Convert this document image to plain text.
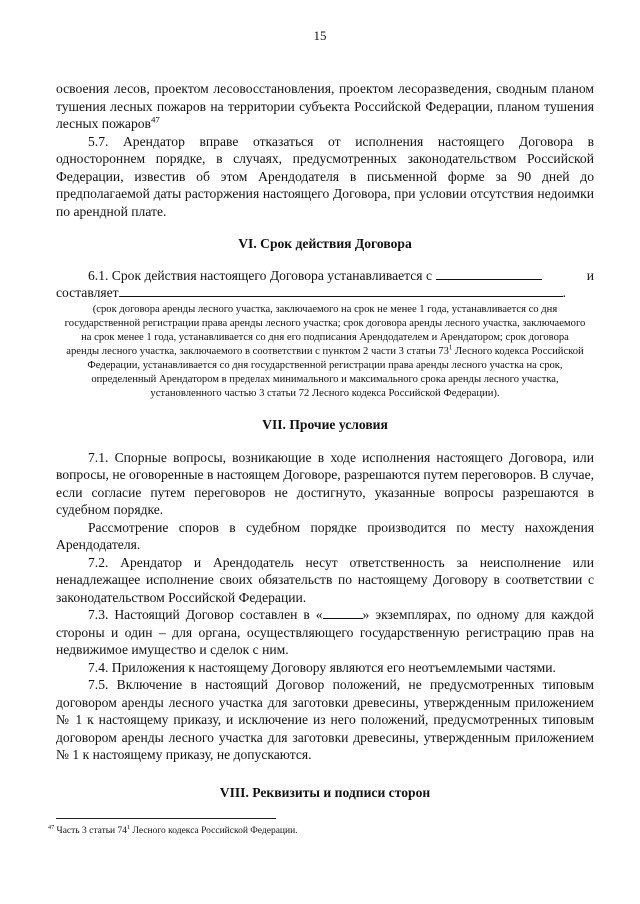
15

освоения лесов, проектом лесовосстановления, проектом лесоразведения, сводным планом тушения лесных пожаров на территории субъекта Российской Федерации, планом тушения лесных пожаров$^{47}$

5.7. Арендатор вправе отказаться от исполнения настоящего Договора в одностороннем порядке, в случаях, предусмотренных законодательством Российской Федерации, известив об этом Арендодателя в письменной форме за 90 дней до предполагаемой даты расторжения настоящего Договора, при условии отсутствия недоимки по арендной плате.

VI. Срок действия Договора
6.1. Срок действия настоящего Договора устанавливается с	и
составляет	.
(срок договора аренды лесного участка, заключаемого на срок не менее 1 года, устанавливается со дня государственной регистрации права аренды лесного участка; срок договора аренды лесного участка, заключаемого на срок менее 1 года, устанавливается со дня его подписания Арендодателем и Арендатором; срок договора аренды лесного участка, заключаемого в соответствии с пунктом 2 части 3 статьи $73^1$ Лесного кодекса Российской Федерации, устанавливается со дня государственной регистрации права аренды лесного участка на срок, определенный Арендатором в пределах минимального и максимального срока аренды лесного участка, установленного частью 3 статьи 72 Лесного кодекса Российской Федерации).
VII. Прочие условия

7.1. Спорные вопросы, возникающие в ходе исполнения настоящего Договора, или вопросы, не оговоренные в настоящем Договоре, разрешаются путем переговоров. В случае, если согласие путем переговоров не достигнуто, указанные вопросы разрешаются в судебном порядке.

Рассмотрение споров в судебном порядке производится по месту нахождения Арендодателя.

7.2. Арендатор и Арендодатель несут ответственность за неисполнение или ненадлежащее исполнение своих обязательств по настоящему Договору в соответствии с законодательством Российской Федерации.

7.3. Настоящий Договор составлен в «	» экземплярах, по одному для каждой стороны и один – для органа, осуществляющего государственную регистрацию прав на недвижимое имущество и сделок с ним.

7.4. Приложения к настоящему Договору являются его неотъемлемыми частями.

7.5. Включение в настоящий Договор положений, не предусмотренных типовым договором аренды лесного участка для заготовки древесины, утвержденным приложением № 1 к настоящему приказу, и исключение из него положений, предусмотренных типовым договором аренды лесного участка для заготовки древесины, утвержденным приложением № 1 к настоящему приказу, не допускаются.

VIII. Реквизиты и подписи сторон
$^{47}$ Часть 3 статьи $74^1$ Лесного кодекса Российской Федерации.
